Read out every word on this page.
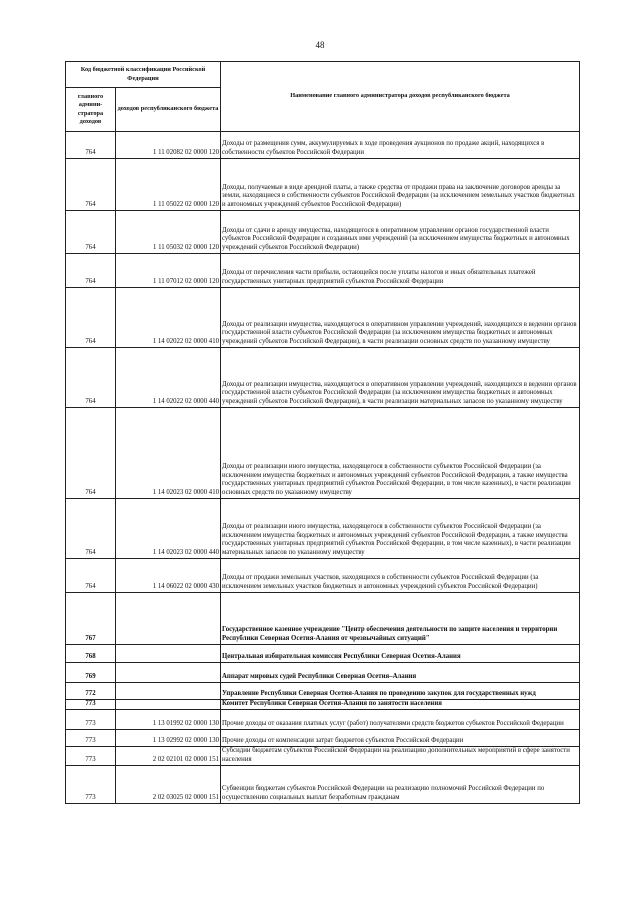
48
Код бюджетной классификации Российской Федерации		Наименование главного администратора доходов республиканского бюджета
главного админи-стратора доходов	доходов республиканского бюджета	
764	1 11 02082 02 0000 120	Доходы от размещения сумм, аккумулируемых в ходе проведения аукционов по продаже акций, находящихся в собственности субъектов Российской Федерации
764	1 11 05022 02 0000 120	Доходы, получаемые в виде арендной платы, а также средства от продажи права на заключение договоров аренды за земли, находящиеся в собственности субъектов Российской Федерации (за исключением земельных участков бюджетных и автономных учреждений субъектов Российской Федерации)
764	1 11 05032 02 0000 120	Доходы от сдачи в аренду имущества, находящегося в оперативном управлении органов государственной власти субъектов Российской Федерации и созданных ими учреждений (за исключением имущества бюджетных и автономных учреждений субъектов Российской Федерации)
764	1 11 07012 02 0000 120	Доходы от перечисления части прибыли, остающейся после уплаты налогов и иных обязательных платежей государственных унитарных предприятий субъектов Российской Федерации
764	1 14 02022 02 0000 410	Доходы от реализации имущества, находящегося в оперативном управлении учреждений, находящихся в ведении органов государственной власти субъектов Российской Федерации (за исключением имущества бюджетных и автономных учреждений субъектов Российской Федерации), в части реализации основных средств по указанному имуществу
764	1 14 02022 02 0000 440	Доходы от реализации имущества, находящегося в оперативном управлении учреждений, находящихся в ведении органов государственной власти субъектов Российской Федерации (за исключением имущества бюджетных и автономных учреждений субъектов Российской Федерации), в части реализации материальных запасов по указанному имуществу
764	1 14 02023 02 0000 410	Доходы от реализации иного имущества, находящегося в собственности субъектов Российской Федерации (за исключением имущества бюджетных и автономных учреждений субъектов Российской Федерации, а также имущества государственных унитарных предприятий субъектов Российской Федерации, в том числе казенных), в части реализации основных средств по указанному имуществу
764	1 14 02023 02 0000 440	Доходы от реализации иного имущества, находящегося в собственности субъектов Российской Федерации (за исключением имущества бюджетных и автономных учреждений субъектов Российской Федерации, а также имущества государственных унитарных предприятий субъектов Российской Федерации, в том числе казенных), в части реализации материальных запасов по указанному имуществу
764	1 14 06022 02 0000 430	Доходы от продажи земельных участков, находящихся в собственности субъектов Российской Федерации (за исключением земельных участков бюджетных и автономных учреждений субъектов Российской Федерации)
767		Государственное казенное учреждение "Центр обеспечения деятельности по защите населения и территории Республики Северная Осетия-Алания от чрезвычайных ситуаций"
768		Центральная избирательная комиссия Республики Северная Осетия-Алания
769		Аппарат мировых судей Республики Северная Осетия–Алания
772		Управление Республики Северная Осетия-Алания по проведению закупок для государственных нужд
773		Комитет Республики Северная Осетия-Алания по занятости населения
773	1 13 01992 02 0000 130	Прочие доходы от оказания платных услуг (работ) получателями средств бюджетов субъектов Российской Федерации
773	1 13 02992 02 0000 130	Прочие доходы от компенсации затрат бюджетов субъектов Российской Федерации
773	2 02 02101 02 0000 151	Субсидии бюджетам субъектов Российской Федерации на реализацию дополнительных мероприятий в сфере занятости населения
773	2 02 03025 02 0000 151	Субвенции бюджетам субъектов Российской Федерации на реализацию полномочий Российской Федерации по осуществлению социальных выплат безработным гражданам
